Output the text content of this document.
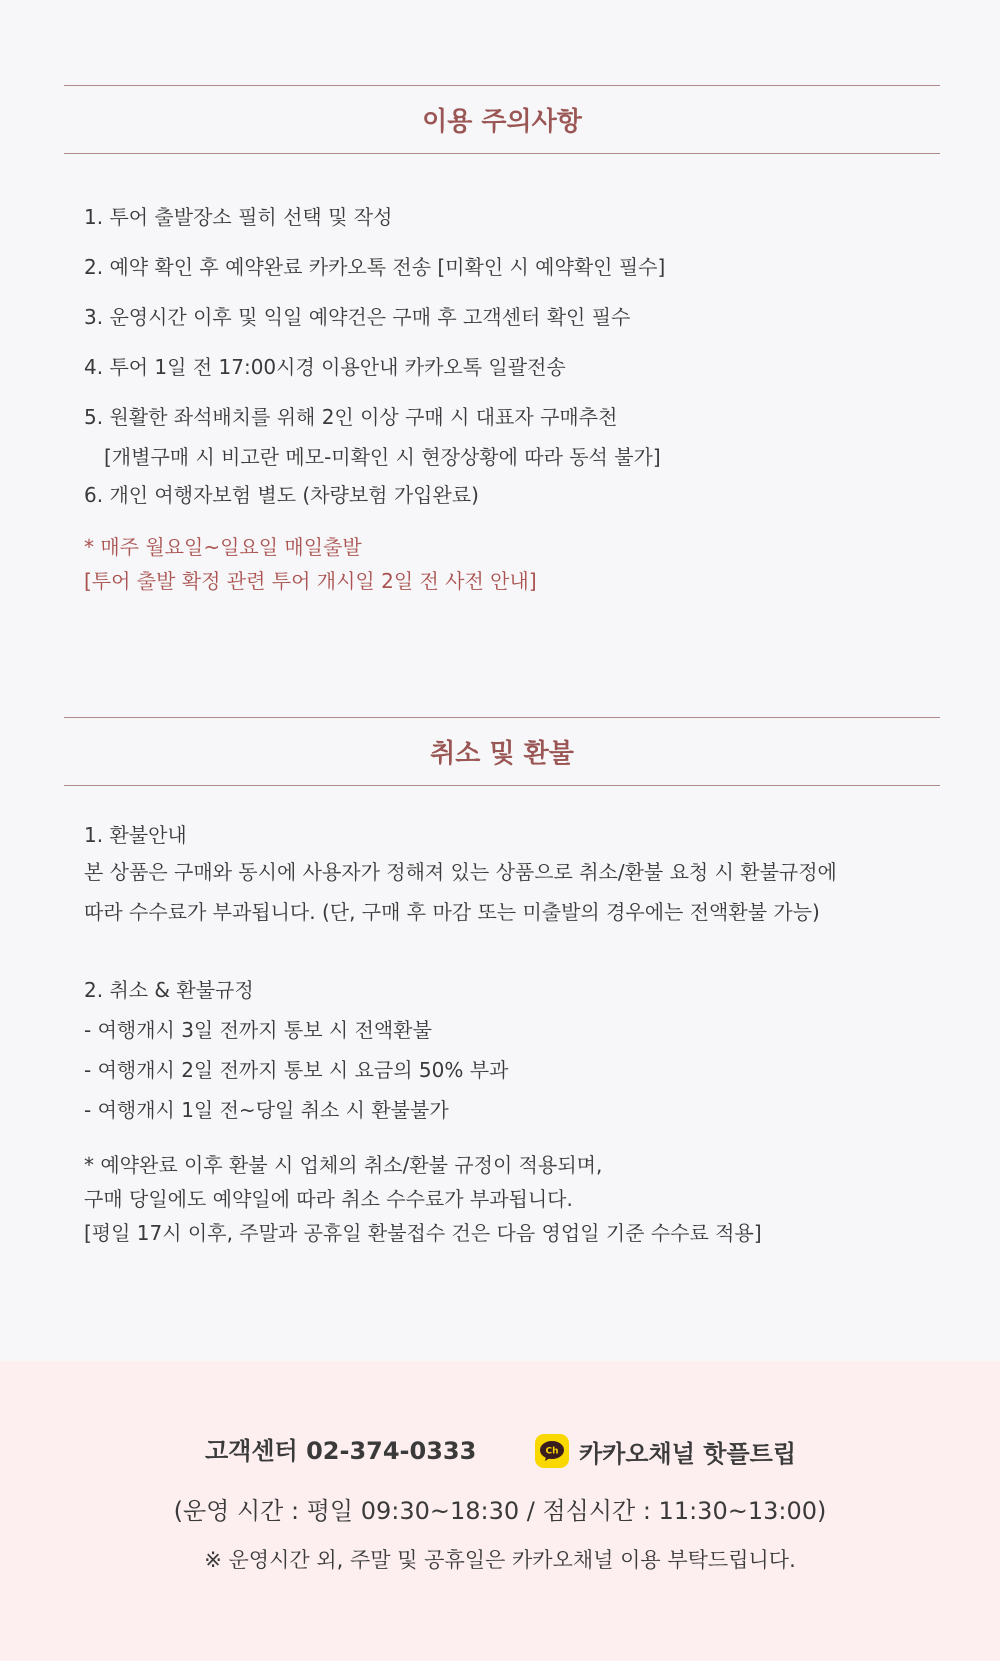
이용 주의사항
1. 투어 출발장소 필히 선택 및 작성
2. 예약 확인 후 예약완료 카카오톡 전송 [미확인 시 예약확인 필수]
3. 운영시간 이후 및 익일 예약건은 구매 후 고객센터 확인 필수
4. 투어 1일 전 17:00시경 이용안내 카카오톡 일괄전송
5. 원활한 좌석배치를 위해 2인 이상 구매 시 대표자 구매추천
[개별구매 시 비고란 메모-미확인 시 현장상황에 따라 동석 불가]
6. 개인 여행자보험 별도 (차량보험 가입완료)
* 매주 월요일~일요일 매일출발
[투어 출발 확정 관련 투어 개시일 2일 전 사전 안내]
취소 및 환불
1. 환불안내
본 상품은 구매와 동시에 사용자가 정해져 있는 상품으로 취소/환불 요청 시 환불규정에
따라 수수료가 부과됩니다. (단, 구매 후 마감 또는 미출발의 경우에는 전액환불 가능)
2. 취소 & 환불규정
- 여행개시 3일 전까지 통보 시 전액환불
- 여행개시 2일 전까지 통보 시 요금의 50% 부과
- 여행개시 1일 전~당일 취소 시 환불불가
* 예약완료 이후 환불 시 업체의 취소/환불 규정이 적용되며,
구매 당일에도 예약일에 따라 취소 수수료가 부과됩니다.
[평일 17시 이후, 주말과 공휴일 환불접수 건은 다음 영업일 기준 수수료 적용]
고객센터 02-374-0333	Ch 카카오채널 핫플트립
(운영 시간 : 평일 09:30~18:30 / 점심시간 : 11:30~13:00)
※ 운영시간 외, 주말 및 공휴일은 카카오채널 이용 부탁드립니다.
